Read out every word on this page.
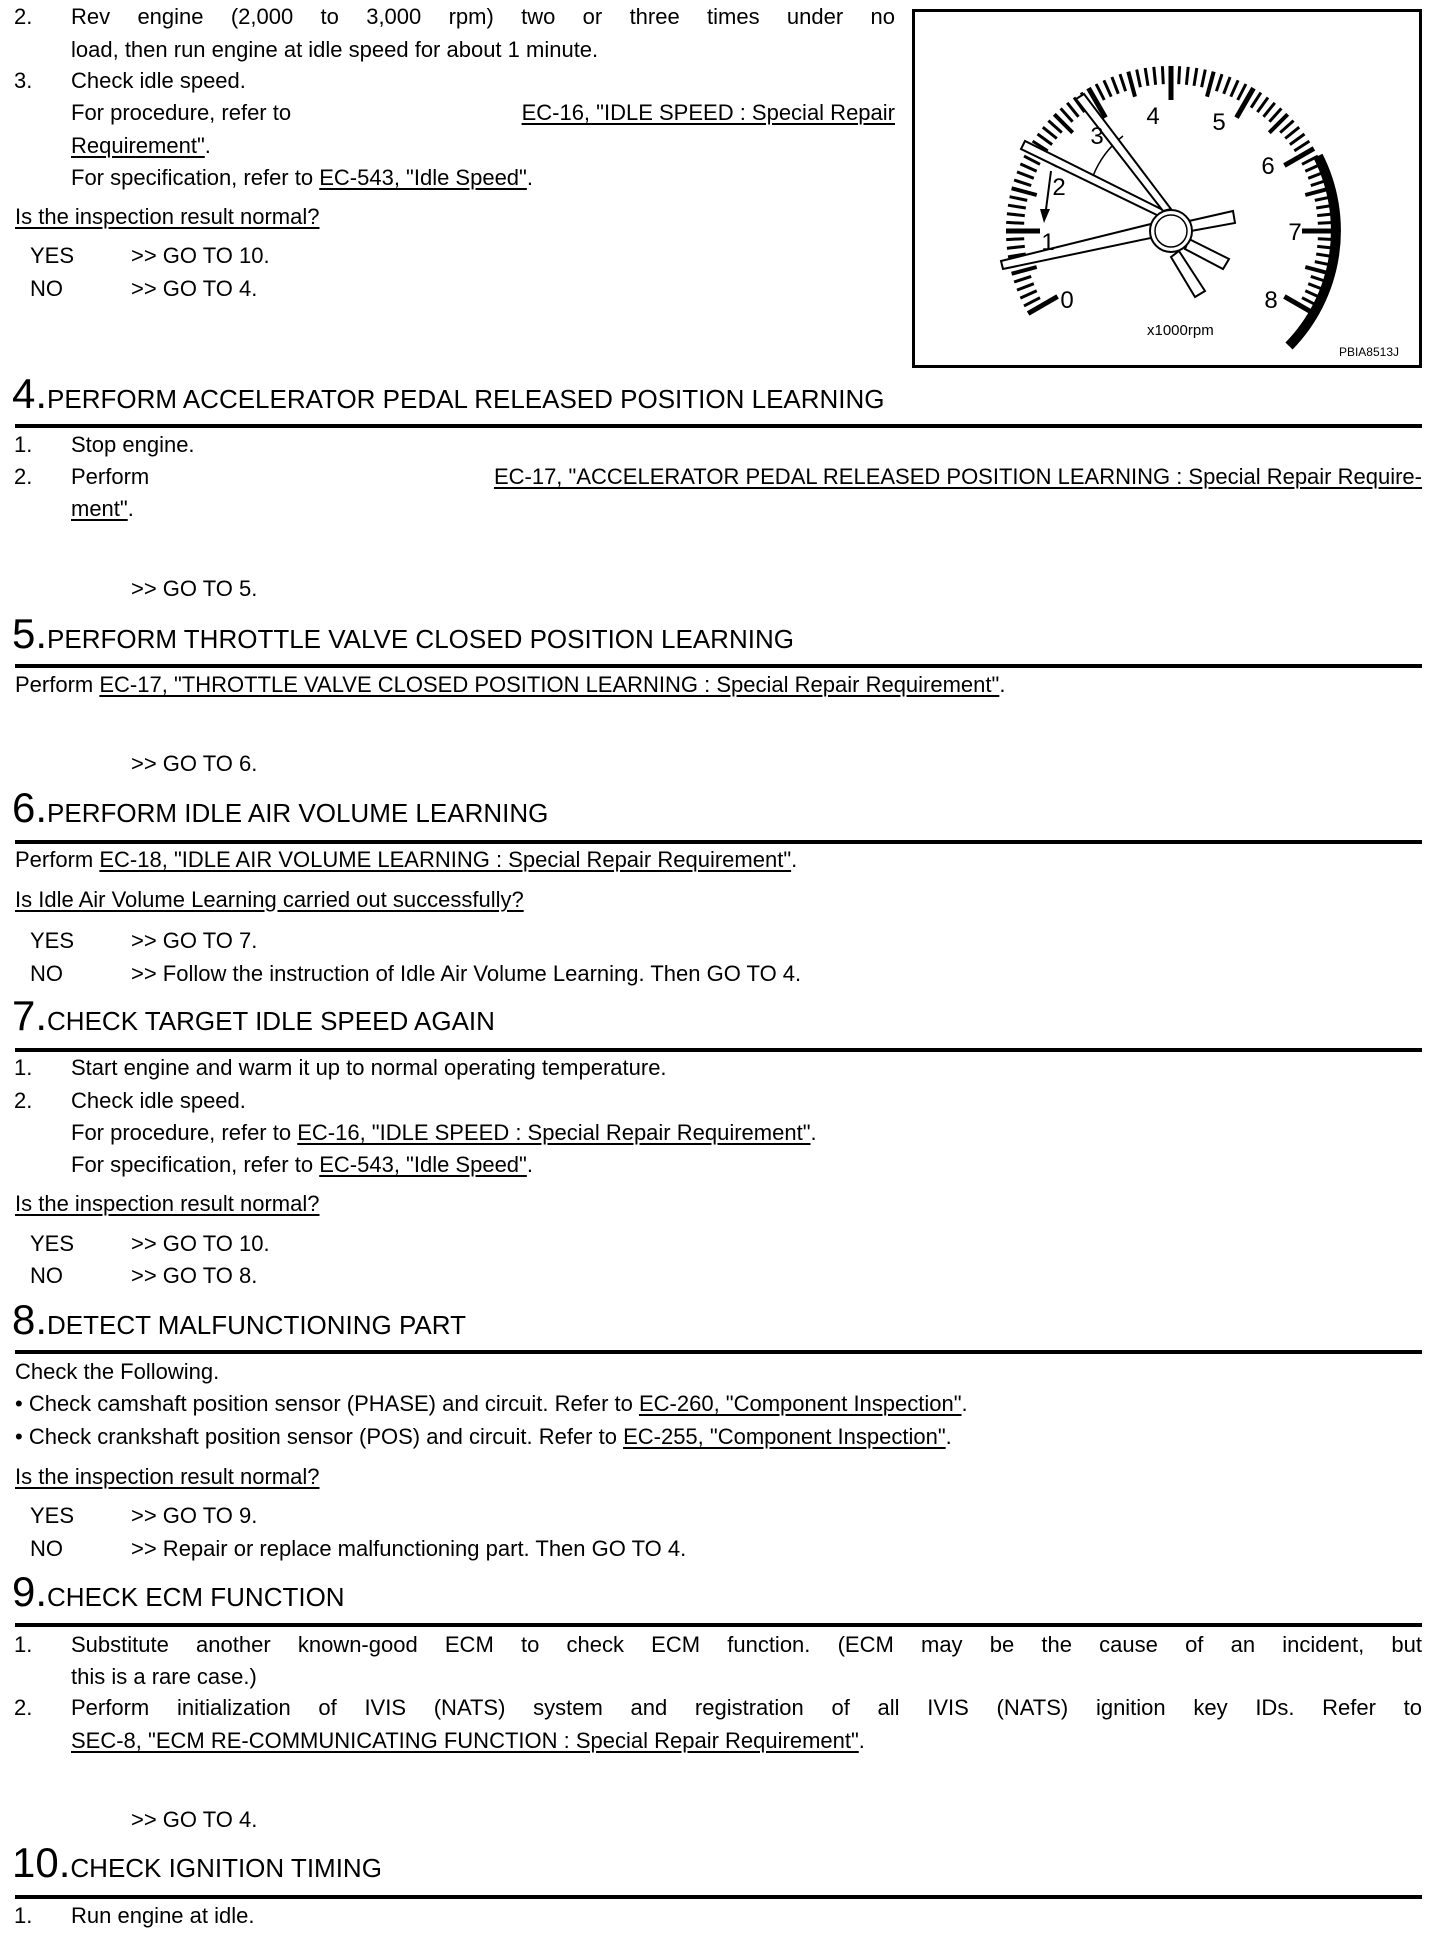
2. Rev engine (2,000 to 3,000 rpm) two or three times under no
load, then run engine at idle speed for about 1 minute.
3. Check idle speed.
For procedure, refer to	EC-16, "IDLE SPEED : Special Repair
Requirement".
For specification, refer to EC-543, "Idle Speed".
Is the inspection result normal?
YES	>> GO TO 10.
NO	>> GO TO 4.	0
1
2
3
4 5
6
7
8
x1000rpm
PBIA8513J
4.PERFORM ACCELERATOR PEDAL RELEASED POSITION LEARNING
1. Stop engine.
2. Perform	EC-17, "ACCELERATOR PEDAL RELEASED POSITION LEARNING : Special Repair Require-
ment".
>> GO TO 5.
5.PERFORM THROTTLE VALVE CLOSED POSITION LEARNING
Perform EC-17, "THROTTLE VALVE CLOSED POSITION LEARNING : Special Repair Requirement".
>> GO TO 6.
6.PERFORM IDLE AIR VOLUME LEARNING
Perform EC-18, "IDLE AIR VOLUME LEARNING : Special Repair Requirement".
Is Idle Air Volume Learning carried out successfully?
YES	>> GO TO 7.
NO	>> Follow the instruction of Idle Air Volume Learning. Then GO TO 4.
7.CHECK TARGET IDLE SPEED AGAIN
1. Start engine and warm it up to normal operating temperature.
2. Check idle speed.
For procedure, refer to EC-16, "IDLE SPEED : Special Repair Requirement".
For specification, refer to EC-543, "Idle Speed".
Is the inspection result normal?
YES	>> GO TO 10.
NO	>> GO TO 8.
8.DETECT MALFUNCTIONING PART
Check the Following.
• Check camshaft position sensor (PHASE) and circuit. Refer to EC-260, "Component Inspection".
• Check crankshaft position sensor (POS) and circuit. Refer to EC-255, "Component Inspection".
Is the inspection result normal?
YES	>> GO TO 9.
NO	>> Repair or replace malfunctioning part. Then GO TO 4.
9.CHECK ECM FUNCTION
1. Substitute another known-good ECM to check ECM function. (ECM may be the cause of an incident, but
this is a rare case.)
2. Perform initialization of IVIS (NATS) system and registration of all IVIS (NATS) ignition key IDs. Refer to
SEC-8, "ECM RE-COMMUNICATING FUNCTION : Special Repair Requirement".
>> GO TO 4.
10.CHECK IGNITION TIMING
1. Run engine at idle.
